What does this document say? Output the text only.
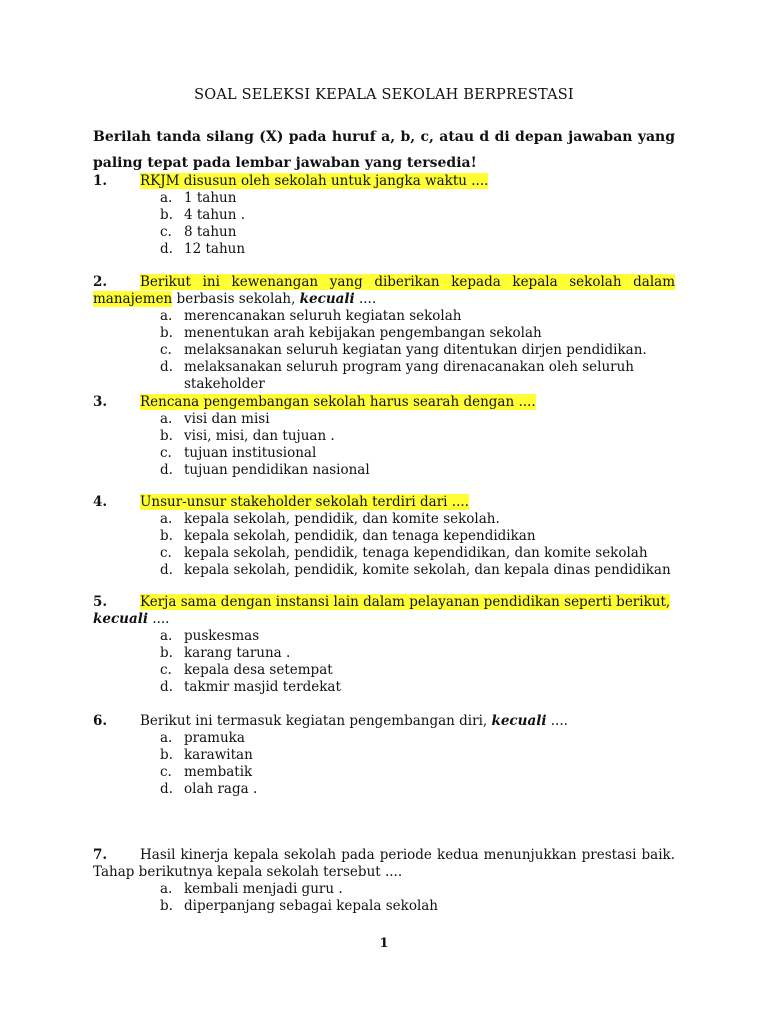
SOAL SELEKSI KEPALA SEKOLAH BERPRESTASI
Berilah tanda silang (X) pada huruf a, b, c, atau d di depan jawaban yang paling tepat pada lembar jawaban yang tersedia!
1. RKJM disusun oleh sekolah untuk jangka waktu ....
a. 1 tahun
b. 4 tahun .
c. 8 tahun
d. 12 tahun
2. Berikut ini kewenangan yang diberikan kepada kepala sekolah dalam
manajemen berbasis sekolah, kecuali ....
a. merencanakan seluruh kegiatan sekolah
b. menentukan arah kebijakan pengembangan sekolah
c. melaksanakan seluruh kegiatan yang ditentukan dirjen pendidikan.
d. melaksanakan seluruh program yang direnacanakan oleh seluruh stakeholder
3. Rencana pengembangan sekolah harus searah dengan ....
a. visi dan misi
b. visi, misi, dan tujuan .
c. tujuan institusional
d. tujuan pendidikan nasional
4. Unsur-unsur stakeholder sekolah terdiri dari ....
a. kepala sekolah, pendidik, dan komite sekolah.
b. kepala sekolah, pendidik, dan tenaga kependidikan
c. kepala sekolah, pendidik, tenaga kependidikan, dan komite sekolah
d. kepala sekolah, pendidik, komite sekolah, dan kepala dinas pendidikan
5. Kerja sama dengan instansi lain dalam pelayanan pendidikan seperti berikut,
kecuali ....
a. puskesmas
b. karang taruna .
c. kepala desa setempat
d. takmir masjid terdekat
6. Berikut ini termasuk kegiatan pengembangan diri, kecuali ....
a. pramuka
b. karawitan
c. membatik
d. olah raga .
7. Hasil kinerja kepala sekolah pada periode kedua menunjukkan prestasi baik.
Tahap berikutnya kepala sekolah tersebut ....
a. kembali menjadi guru .
b. diperpanjang sebagai kepala sekolah
1
